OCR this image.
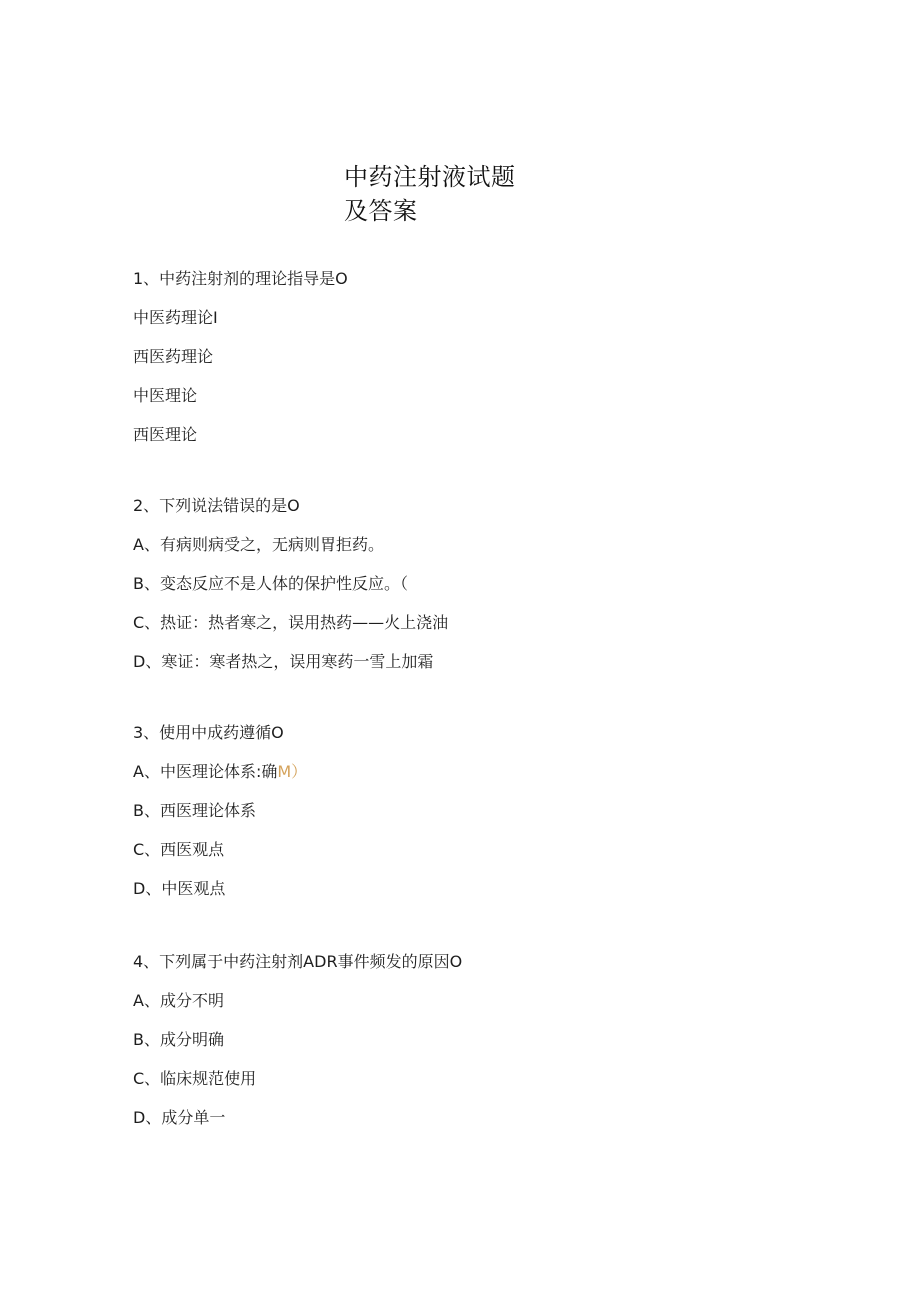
中药注射液试题
及答案
1、中药注射剂的理论指导是O
中医药理论I
西医药理论
中医理论
西医理论
2、下列说法错误的是O
A、有病则病受之，无病则胃拒药。
B、变态反应不是人体的保护性反应。（
C、热证：热者寒之，误用热药——火上浇油
D、寒证：寒者热之，误用寒药一雪上加霜
3、使用中成药遵循O
A、中医理论体系:确M）
B、西医理论体系
C、西医观点
D、中医观点
4、下列属于中药注射剂ADR事件频发的原因O
A、成分不明
B、成分明确
C、临床规范使用
D、成分单一
